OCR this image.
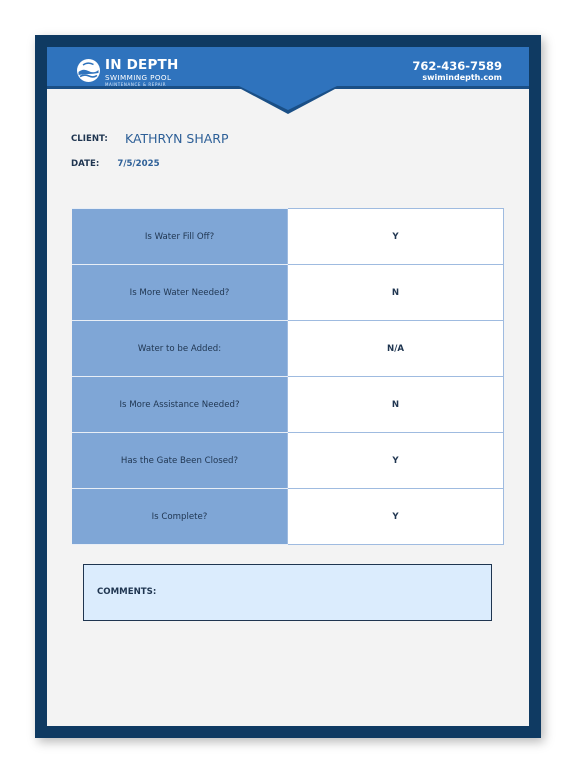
IN DEPTH
SWIMMING POOL
MAINTENANCE & REPAIR
762-436-7589
swimindepth.com
CLIENT: KATHRYN SHARP
DATE: 7/5/2025
Is Water Fill Off?	Y
Is More Water Needed?	N
Water to be Added:	N/A
Is More Assistance Needed?	N
Has the Gate Been Closed?	Y
Is Complete?	Y
COMMENTS:
